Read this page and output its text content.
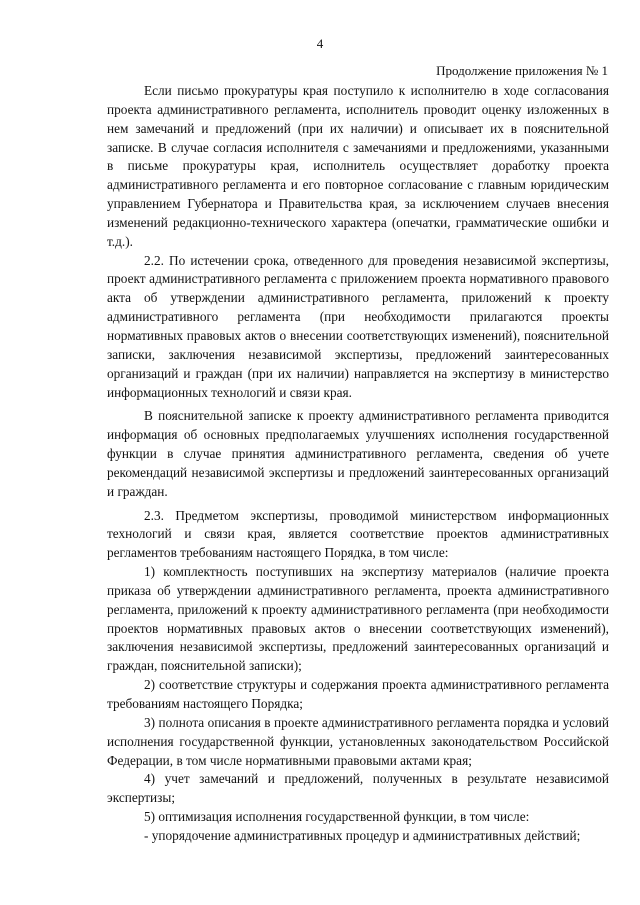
4
Продолжение приложения № 1

Если письмо прокуратуры края поступило к исполнителю в ходе согласования проекта административного регламента, исполнитель проводит оценку изложенных в нем замечаний и предложений (при их наличии) и описывает их в пояснительной записке. В случае согласия исполнителя с замечаниями и предложениями, указанными в письме прокуратуры края, исполнитель осуществляет доработку проекта административного регламента и его повторное согласование с главным юридическим управлением Губернатора и Правительства края, за исключением случаев внесения изменений редакционно-технического характера (опечатки, грамматические ошибки и т.д.).

2.2. По истечении срока, отведенного для проведения независимой экспертизы, проект административного регламента с приложением проекта нормативного правового акта об утверждении административного регламента, приложений к проекту административного регламента (при необходимости прилагаются проекты нормативных правовых актов о внесении соответствующих изменений), пояснительной записки, заключения независимой экспертизы, предложений заинтересованных организаций и граждан (при их наличии) направляется на экспертизу в министерство информационных технологий и связи края.

В пояснительной записке к проекту административного регламента приводится информация об основных предполагаемых улучшениях исполнения государственной функции в случае принятия административного регламента, сведения об учете рекомендаций независимой экспертизы и предложений заинтересованных организаций и граждан.

2.3. Предметом экспертизы, проводимой министерством информационных технологий и связи края, является соответствие проектов административных регламентов требованиям настоящего Порядка, в том числе:

1) комплектность поступивших на экспертизу материалов (наличие проекта приказа об утверждении административного регламента, проекта административного регламента, приложений к проекту административного регламента (при необходимости проектов нормативных правовых актов о внесении соответствующих изменений), заключения независимой экспертизы, предложений заинтересованных организаций и граждан, пояснительной записки);

2) соответствие структуры и содержания проекта административного регламента требованиям настоящего Порядка;

3) полнота описания в проекте административного регламента порядка и условий исполнения государственной функции, установленных законодательством Российской Федерации, в том числе нормативными правовыми актами края;

4) учет замечаний и предложений, полученных в результате независимой экспертизы;

5) оптимизация исполнения государственной функции, в том числе:

- упорядочение административных процедур и административных действий;
